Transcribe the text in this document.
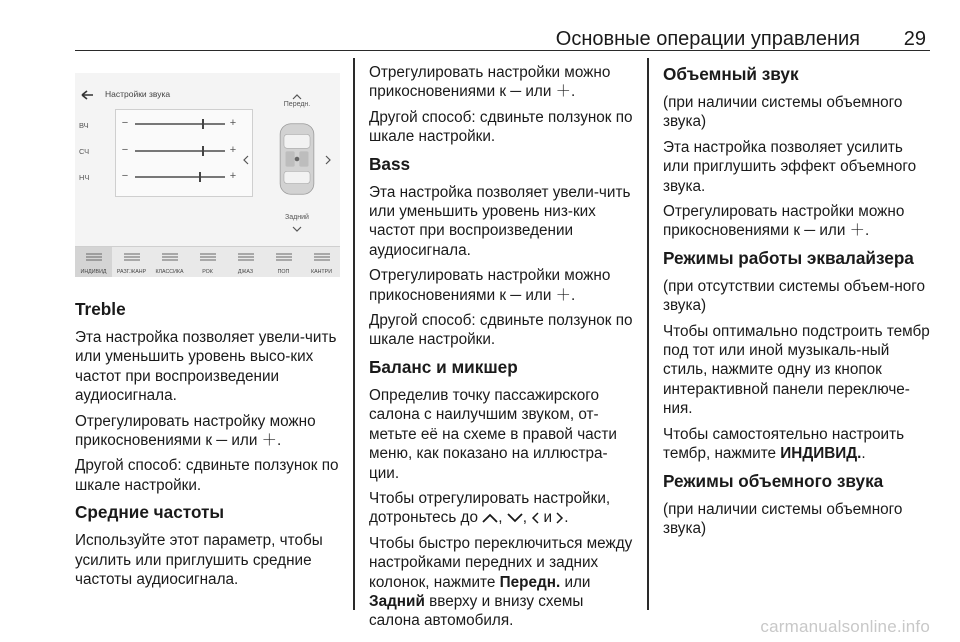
Основные операции управления 29
Настройки звука
ВЧ	−	+
СЧ	−	+
НЧ	−	+
Передн.
Задний
ИНДИВИД	РАЗГ.ЖАНР	КЛАССИКА	РОК	ДЖАЗ	ПОП	КАНТРИ
Treble

Эта настройка позволяет увели-чить или уменьшить уровень высо-ких частот при воспроизведении аудиосигнала.

Отрегулировать настройку можно прикосновениями к ─ или ＋.

Другой способ: сдвиньте ползунок по шкале настройки.

Средние частоты

Используйте этот параметр, чтобы усилить или приглушить средние частоты аудиосигнала.

Отрегулировать настройки можно прикосновениями к ─ или ＋.

Другой способ: сдвиньте ползунок по шкале настройки.

Bass

Эта настройка позволяет увели-чить или уменьшить уровень низ-ких частот при воспроизведении аудиосигнала.

Отрегулировать настройки можно прикосновениями к ─ или ＋.

Другой способ: сдвиньте ползунок по шкале настройки.

Баланс и микшер

Определив точку пассажирского салона с наилучшим звуком, от-метьте её на схеме в правой части меню, как показано на иллюстра-ции.

Чтобы отрегулировать настройки, дотроньтесь до , , и .

Чтобы быстро переключиться между настройками передних и задних колонок, нажмите Передн. или Задний вверху и внизу схемы салона автомобиля.

Объемный звук

(при наличии системы объемного звука)

Эта настройка позволяет усилить или приглушить эффект объемного звука.

Отрегулировать настройки можно прикосновениями к ─ или ＋.

Режимы работы эквалайзера

(при отсутствии системы объем-ного звука)

Чтобы оптимально подстроить тембр под тот или иной музыкаль-ный стиль, нажмите одну из кнопок интерактивной панели переключе-ния.

Чтобы самостоятельно настроить тембр, нажмите ИНДИВИД..

Режимы объемного звука

(при наличии системы объемного звука)

carmanualsonline.info
